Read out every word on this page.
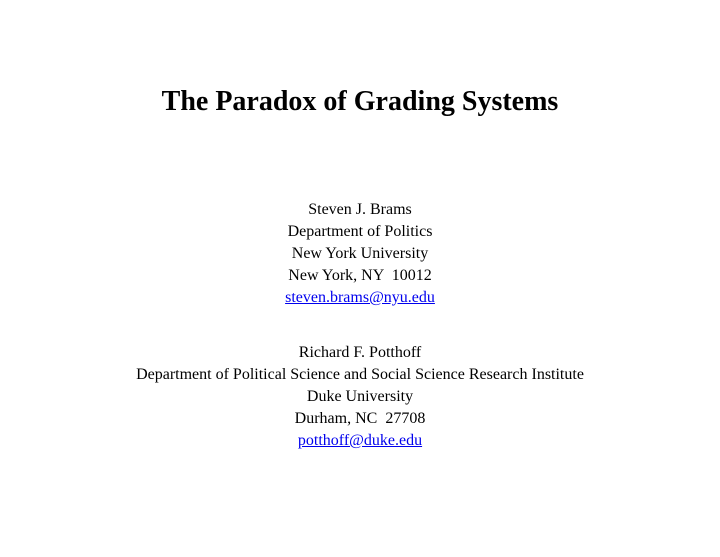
The Paradox of Grading Systems
Steven J. Brams
Department of Politics
New York University
New York, NY  10012
steven.brams@nyu.edu
Richard F. Potthoff
Department of Political Science and Social Science Research Institute
Duke University
Durham, NC  27708
potthoff@duke.edu
